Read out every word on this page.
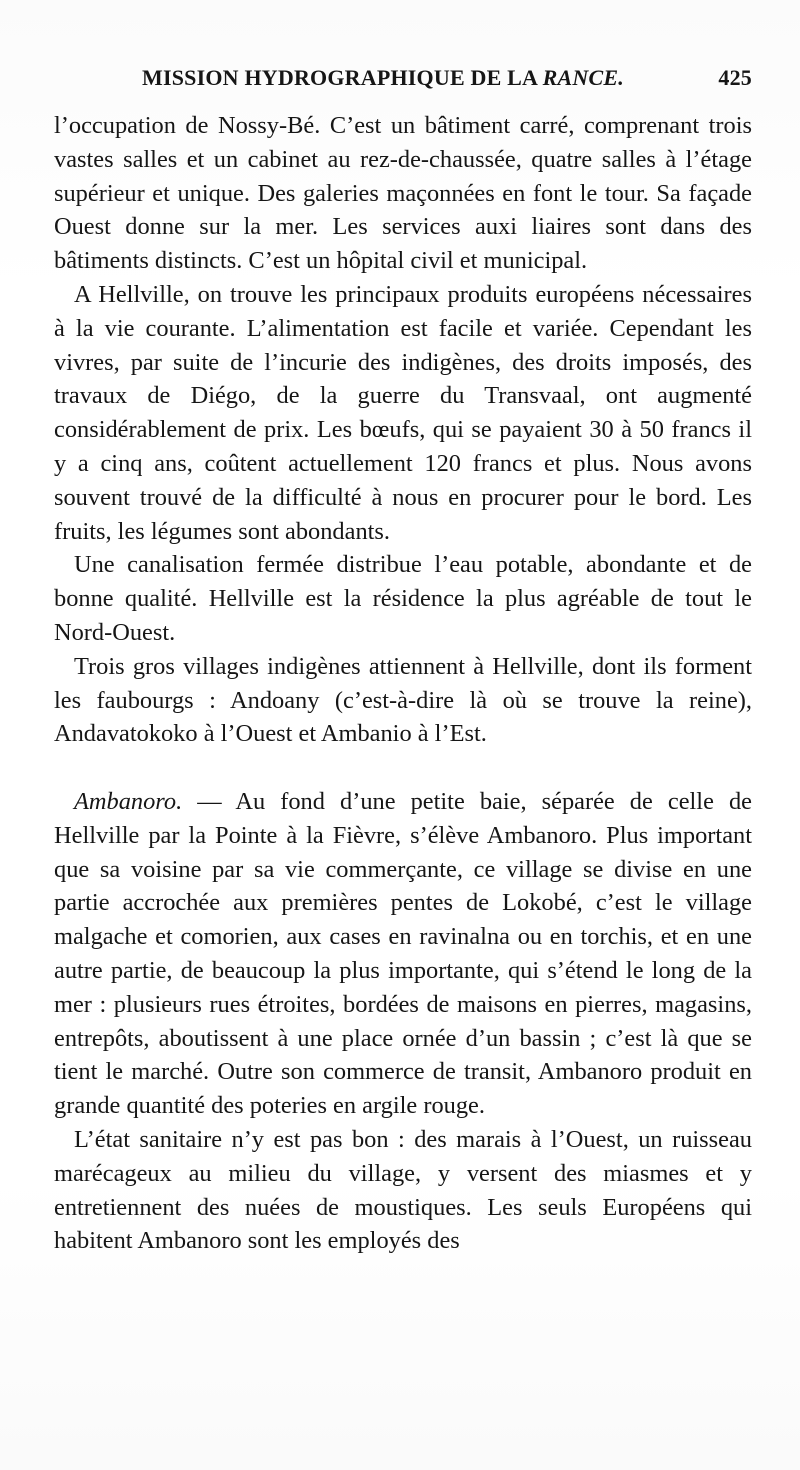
MISSION HYDROGRAPHIQUE DE LA RANCE.	425

l’occupation de Nossy-Bé. C’est un bâtiment carré, comprenant trois vastes salles et un cabinet au rez-de-chaussée, quatre salles à l’étage supérieur et unique. Des galeries maçonnées en font le tour. Sa façade Ouest donne sur la mer. Les services auxi liaires sont dans des bâtiments distincts. C’est un hôpital civil et municipal.

A Hellville, on trouve les principaux produits européens nécessaires à la vie courante. L’alimentation est facile et variée. Cependant les vivres, par suite de l’incurie des indigènes, des droits imposés, des travaux de Diégo, de la guerre du Transvaal, ont augmenté considérablement de prix. Les bœufs, qui se payaient 30 à 50 francs il y a cinq ans, coûtent actuellement 120 francs et plus. Nous avons souvent trouvé de la difficulté à nous en procurer pour le bord. Les fruits, les légumes sont abondants.

Une canalisation fermée distribue l’eau potable, abondante et de bonne qualité. Hellville est la résidence la plus agréable de tout le Nord-Ouest.

Trois gros villages indigènes attiennent à Hellville, dont ils forment les faubourgs : Andoany (c’est-à-dire là où se trouve la reine), Andavatokoko à l’Ouest et Ambanio à l’Est.

Ambanoro. — Au fond d’une petite baie, séparée de celle de Hellville par la Pointe à la Fièvre, s’élève Ambanoro. Plus important que sa voisine par sa vie commerçante, ce village se divise en une partie accrochée aux premières pentes de Lokobé, c’est le village malgache et comorien, aux cases en ravinalna ou en torchis, et en une autre partie, de beaucoup la plus importante, qui s’étend le long de la mer : plusieurs rues étroites, bordées de maisons en pierres, magasins, entrepôts, aboutissent à une place ornée d’un bassin ; c’est là que se tient le marché. Outre son commerce de transit, Ambanoro produit en grande quantité des poteries en argile rouge.

L’état sanitaire n’y est pas bon : des marais à l’Ouest, un ruisseau marécageux au milieu du village, y versent des miasmes et y entretiennent des nuées de moustiques. Les seuls Européens qui habitent Ambanoro sont les employés des
